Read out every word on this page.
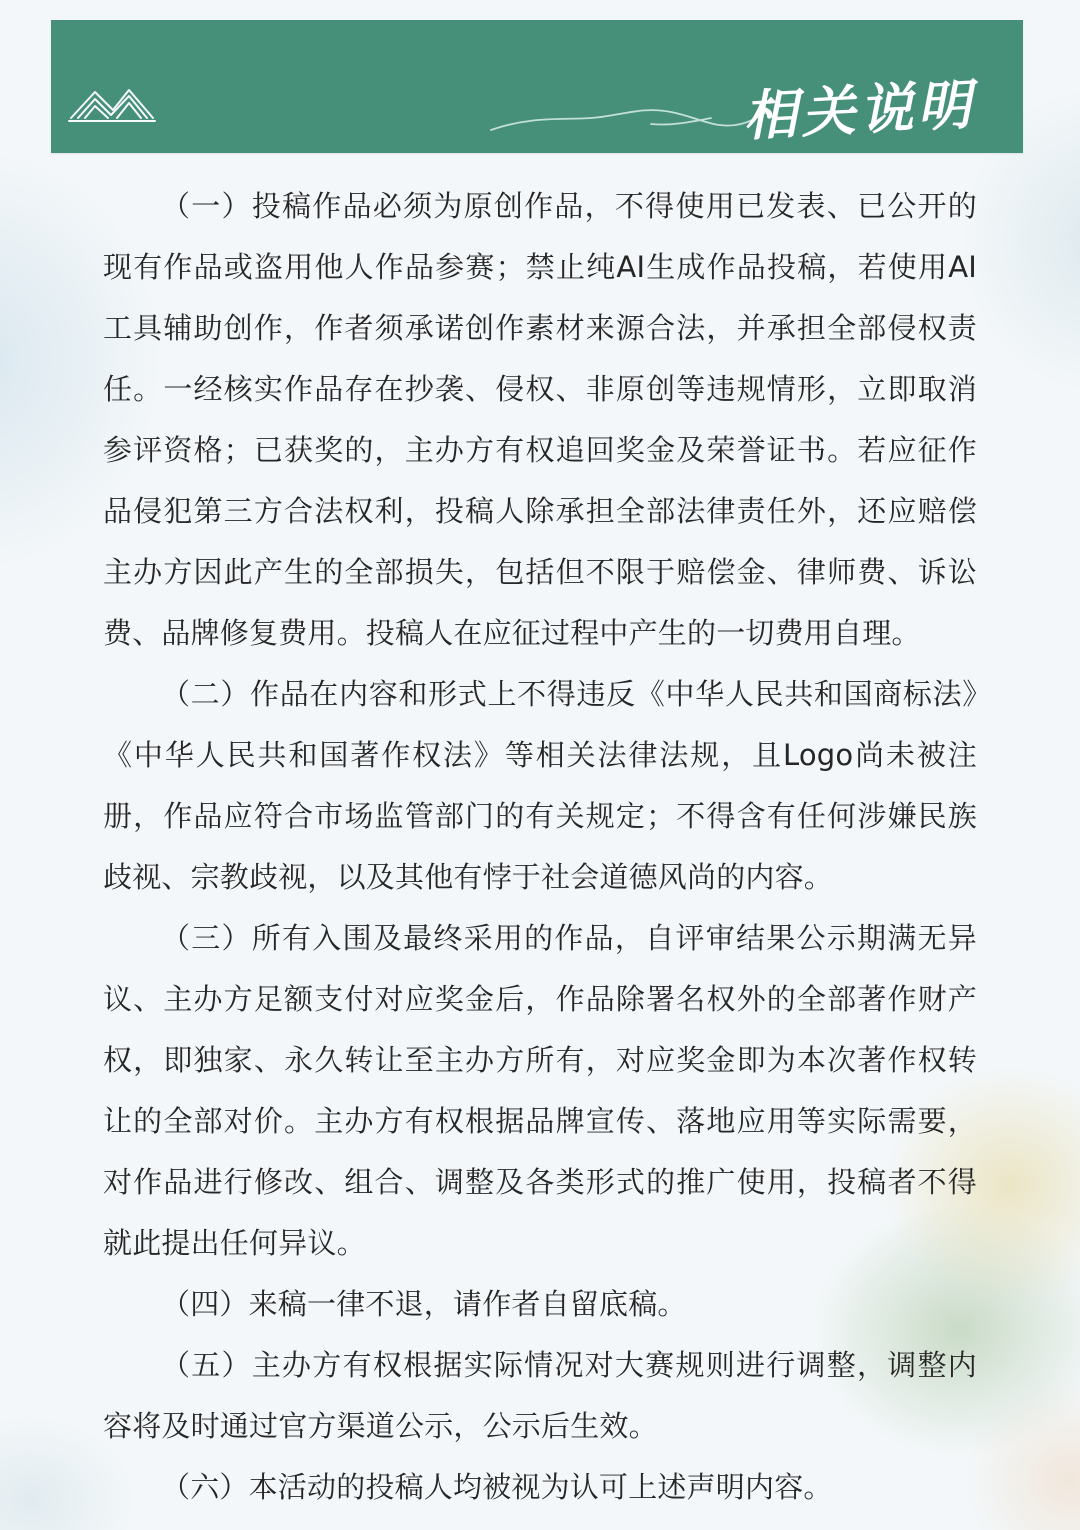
相关说明

（一）投稿作品必须为原创作品，不得使用已发表、已公开的现有作品或盗用他人作品参赛；禁止纯AI生成作品投稿，若使用AI工具辅助创作，作者须承诺创作素材来源合法，并承担全部侵权责任。一经核实作品存在抄袭、侵权、非原创等违规情形，立即取消参评资格；已获奖的，主办方有权追回奖金及荣誉证书。若应征作品侵犯第三方合法权利，投稿人除承担全部法律责任外，还应赔偿主办方因此产生的全部损失，包括但不限于赔偿金、律师费、诉讼费、品牌修复费用。投稿人在应征过程中产生的一切费用自理。

（二）作品在内容和形式上不得违反《中华人民共和国商标法》《中华人民共和国著作权法》等相关法律法规，且Logo尚未被注册，作品应符合市场监管部门的有关规定；不得含有任何涉嫌民族歧视、宗教歧视，以及其他有悖于社会道德风尚的内容。

（三）所有入围及最终采用的作品，自评审结果公示期满无异议、主办方足额支付对应奖金后，作品除署名权外的全部著作财产权，即独家、永久转让至主办方所有，对应奖金即为本次著作权转让的全部对价。主办方有权根据品牌宣传、落地应用等实际需要，对作品进行修改、组合、调整及各类形式的推广使用，投稿者不得就此提出任何异议。

（四）来稿一律不退，请作者自留底稿。

（五）主办方有权根据实际情况对大赛规则进行调整，调整内容将及时通过官方渠道公示，公示后生效。

（六）本活动的投稿人均被视为认可上述声明内容。
